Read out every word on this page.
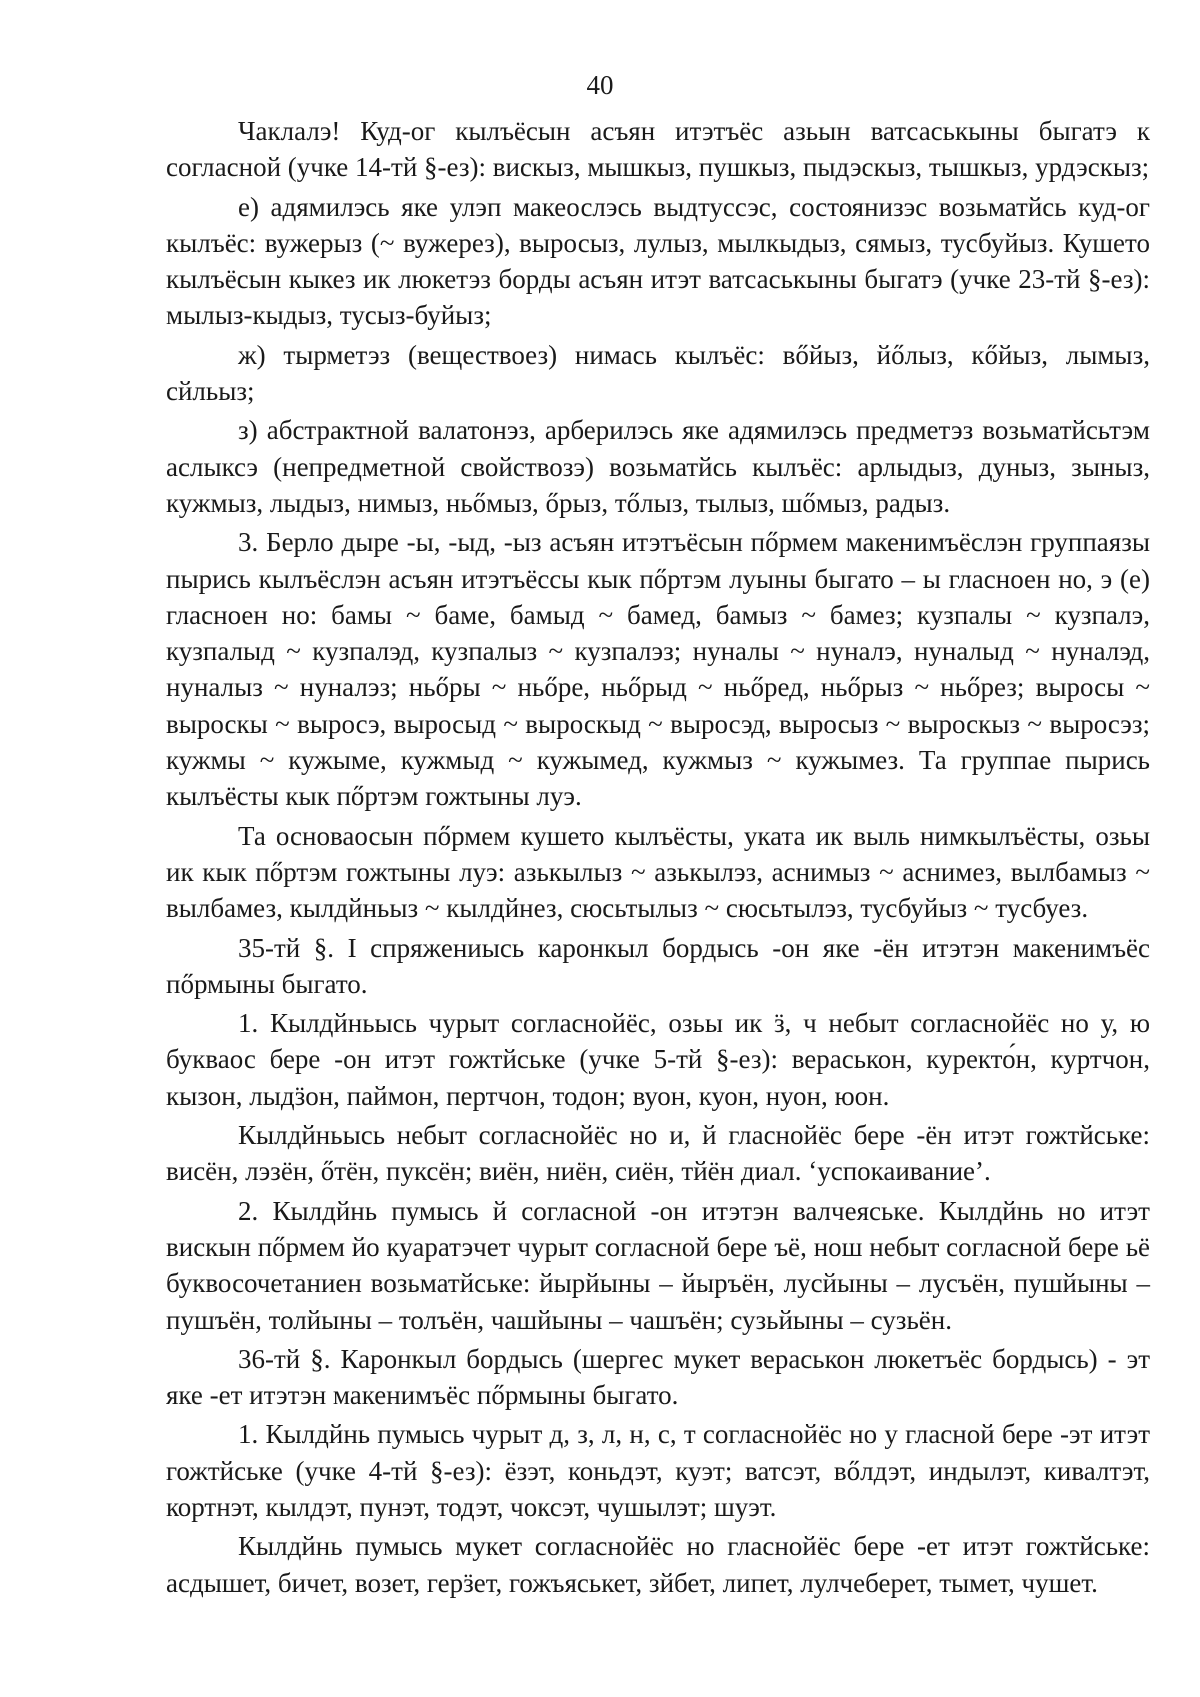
40

Чаклалэ! Куд-ог кылъёсын асъян итэтъёс азьын ватсаськыны быгатэ к согласной (учке 14-тй §-ез): вискыз, мышкыз, пушкыз, пыдэскыз, тышкыз, урдэскыз;

е) адямилэсь яке улэп макеослэсь выдтуссэс, состоянизэс возьматйсь куд-ог кылъёс: вужерыз (~ вужерез), выросыз, лулыз, мылкыдыз, сямыз, тусбуйыз. Кушето кылъёсын кыкез ик люкетэз борды асъян итэт ватсаськыны быгатэ (учке 23-тй §-ез): мылыз-кыдыз, тусыз-буйыз;

ж) тырметэз (веществоез) нимась кылъёс: вőйыз, йőлыз, кőйыз, лымыз, сйльыз;

з) абстрактной валатонэз, арберилэсь яке адямилэсь предметэз возьматйсьтэм аслыксэ (непредметной свойствозэ) возьматйсь кылъёс: арлыдыз, дуныз, зыныз, кужмыз, лыдыз, нимыз, ньőмыз, őрыз, тőлыз, тылыз, шőмыз, радыз.

3. Берло дыре -ы, -ыд, -ыз асъян итэтъёсын пőрмем макенимъёслэн группаязы пырись кылъёслэн асъян итэтъёссы кык пőртэм луыны быгато – ы гласноен но, э (е) гласноен но: бамы ~ баме, бамыд ~ бамед, бамыз ~ бамез; кузпалы ~ кузпалэ, кузпалыд ~ кузпалэд, кузпалыз ~ кузпалэз; нуналы ~ нуналэ, нуналыд ~ нуналэд, нуналыз ~ нуналэз; ньőры ~ ньőре, ньőрыд ~ ньőред, ньőрыз ~ ньőрез; выросы ~ выроскы ~ выросэ, выросыд ~ выроскыд ~ выросэд, выросыз ~ выроскыз ~ выросэз; кужмы ~ кужыме, кужмыд ~ кужымед, кужмыз ~ кужымез. Та группае пырись кылъёсты кык пőртэм гожтыны луэ.

Та основаосын пőрмем кушето кылъёсты, уката ик выль нимкылъёсты, озьы ик кык пőртэм гожтыны луэ: азькылыз ~ азькылэз, аснимыз ~ аснимез, вылбамыз ~ вылбамез, кылдйньыз ~ кылдйнез, сюсьтылыз ~ сюсьтылэз, тусбуйыз ~ тусбуез.

35-тй §. I спряжениысь каронкыл бордысь -он яке -ён итэтэн макенимъёс пőрмыны быгато.

1. Кылдйньысь чурыт согласнойёс, озьы ик ӟ, ч небыт согласнойёс но у, ю букваос бере -он итэт гожтйське (учке 5-тй §-ез): вераськон, куректо́н, куртчон, кызон, лыдӟон, паймон, пертчон, тодон; вуон, куон, нуон, юон.

Кылдйньысь небыт согласнойёс но и, й гласнойёс бере -ён итэт гожтйське: висён, лэзён, őтён, пуксён; виён, ниён, сиён, тйён диал. ‘успокаивание’.

2. Кылдйнь пумысь й согласной -он итэтэн валчеяське. Кылдйнь но итэт вискын пőрмем йо куаратэчет чурыт согласной бере ъё, нош небыт согласной бере ьё буквосочетаниен возьматйське: йырйыны – йыръён, лусйыны – лусъён, пушйыны – пушъён, толйыны – толъён, чашйыны – чашъён; сузьйыны – сузьён.

36-тй §. Каронкыл бордысь (шергес мукет вераськон люкетъёс бордысь) - эт яке -ет итэтэн макенимъёс пőрмыны быгато.

1. Кылдйнь пумысь чурыт д, з, л, н, с, т согласнойёс но у гласной бере -эт итэт гожтйське (учке 4-тй §-ез): ёзэт, коньдэт, куэт; ватсэт, вőлдэт, индылэт, кивалтэт, кортнэт, кылдэт, пунэт, тодэт, чоксэт, чушылэт; шуэт.

Кылдйнь пумысь мукет согласнойёс но гласнойёс бере -ет итэт гожтйське: асдышет, бичет, возет, герӟет, гожъяськет, зйбет, липет, лулчеберет, тымет, чушет.
